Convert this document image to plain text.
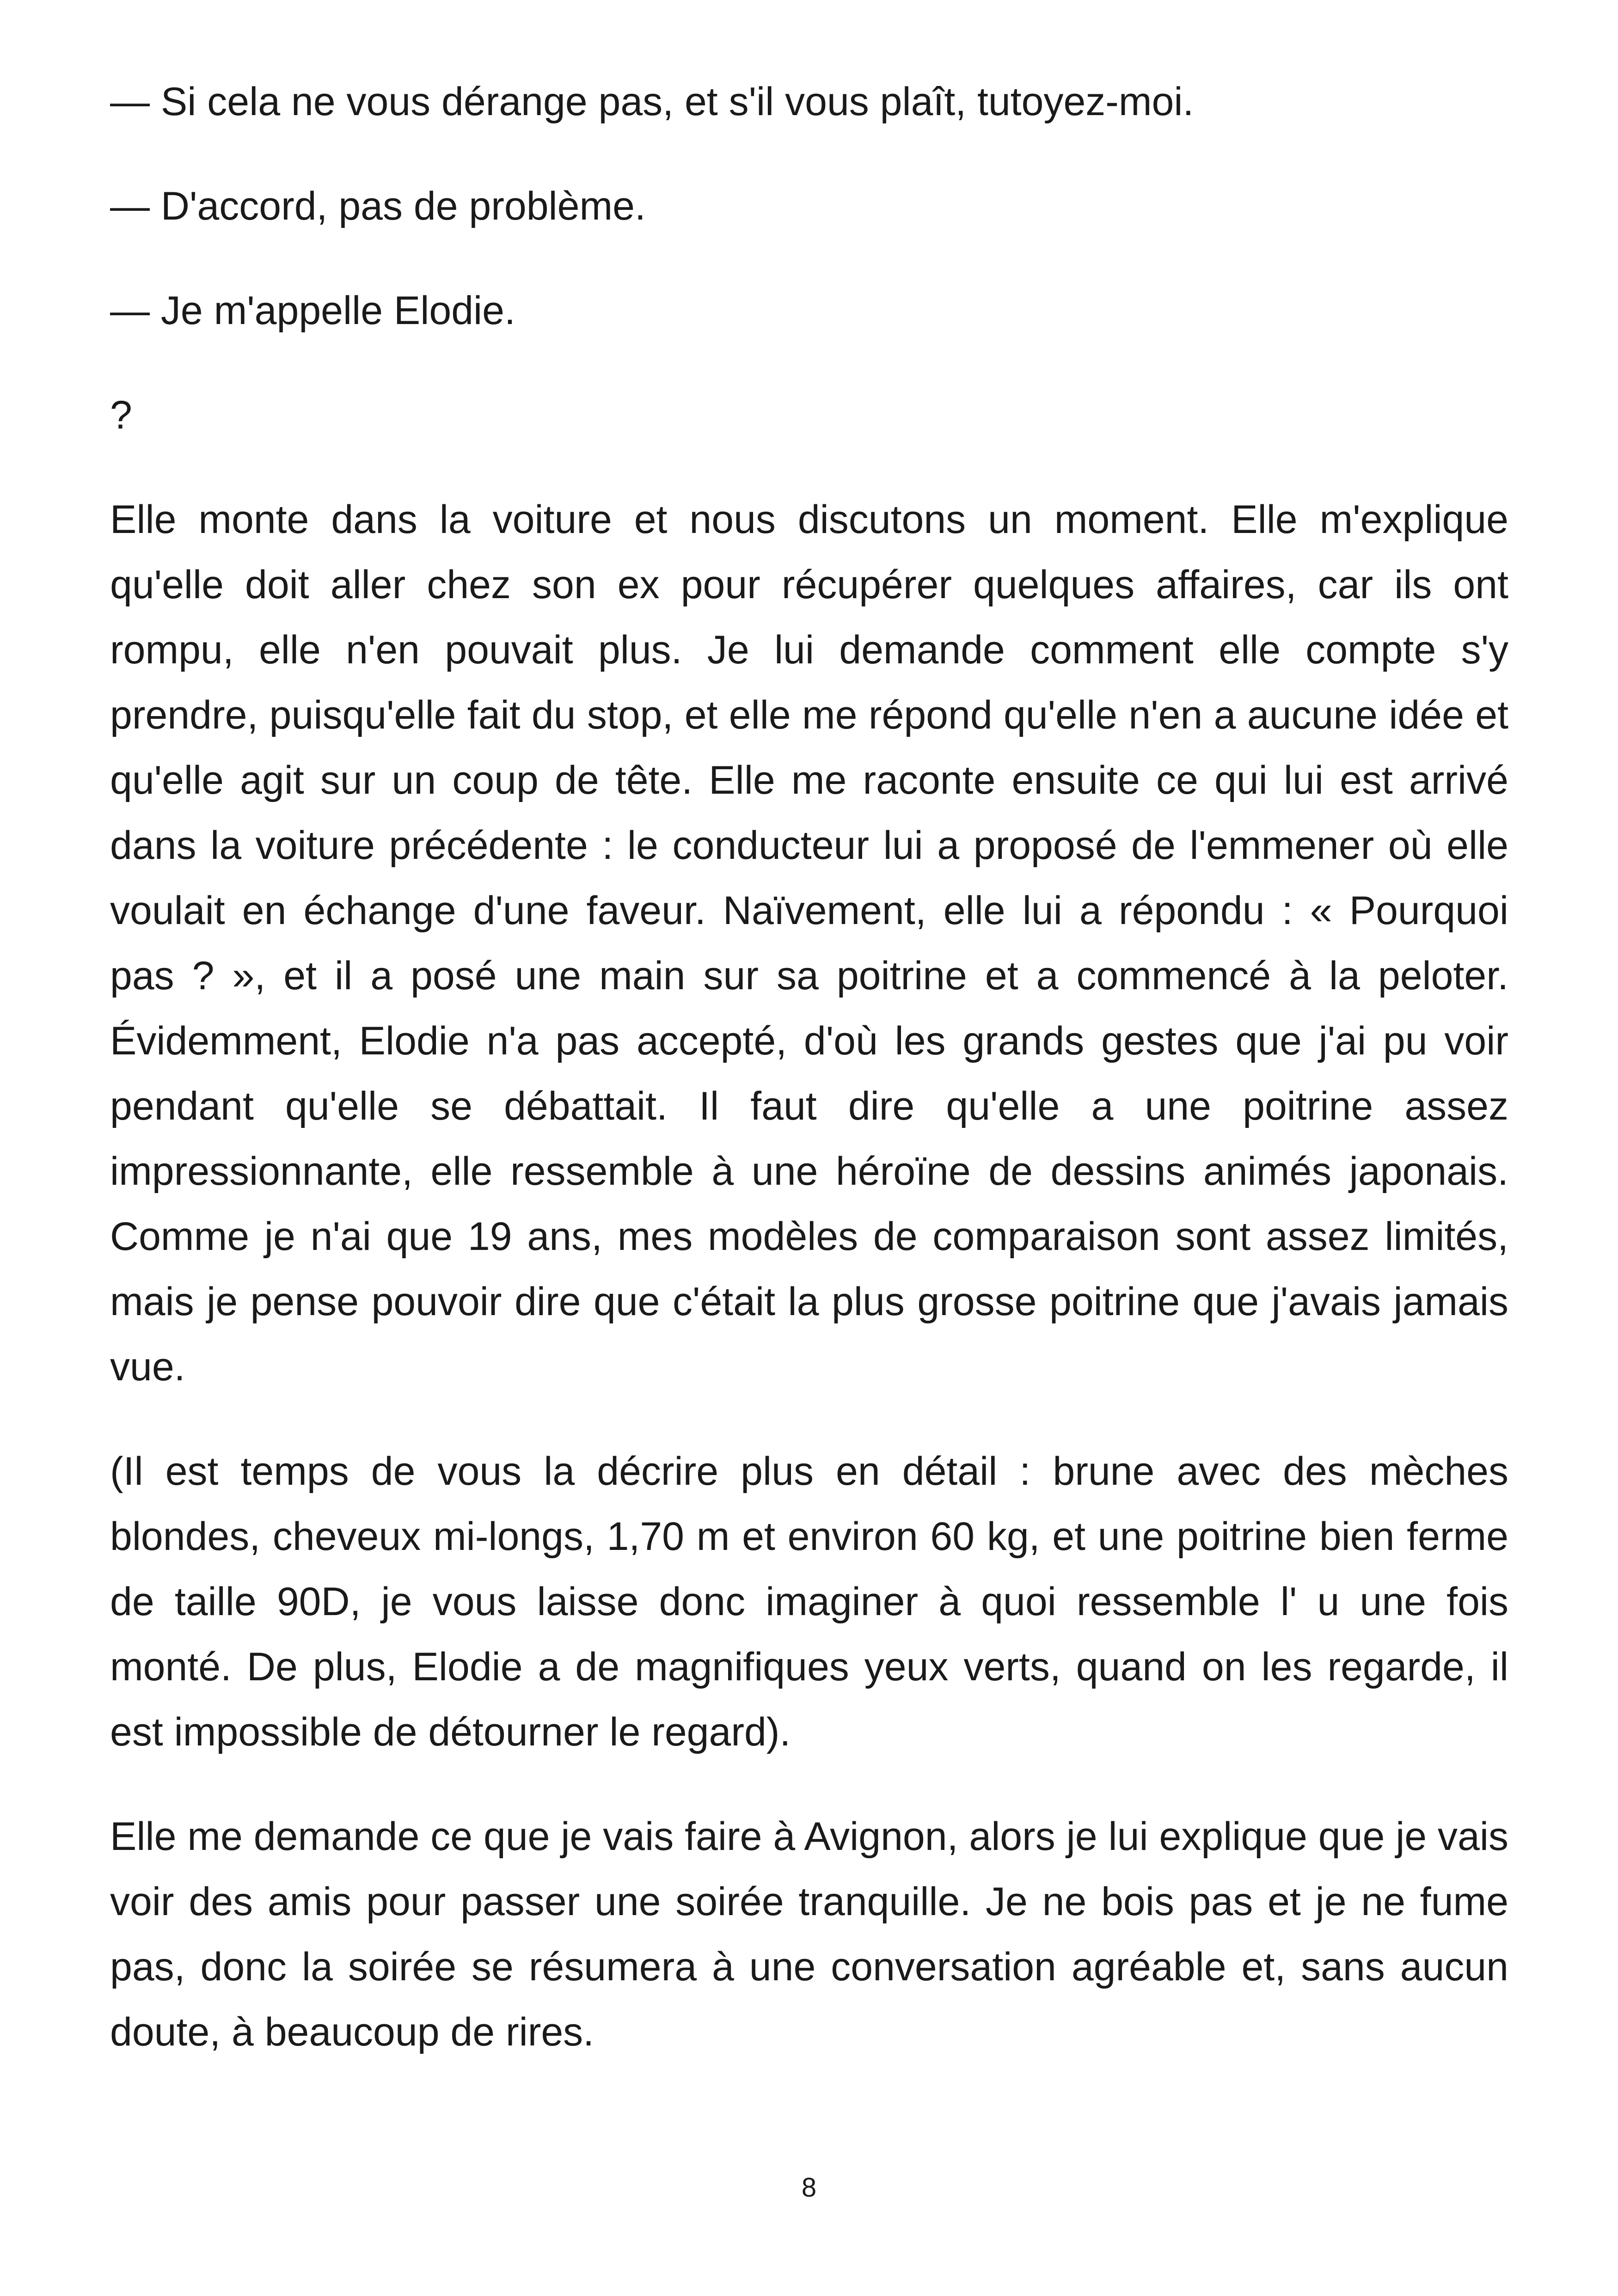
— Si cela ne vous dérange pas, et s'il vous plaît, tutoyez-moi.

— D'accord, pas de problème.

— Je m'appelle Elodie.

?

Elle monte dans la voiture et nous discutons un moment. Elle m'explique qu'elle doit aller chez son ex pour récupérer quelques affaires, car ils ont rompu, elle n'en pouvait plus. Je lui demande comment elle compte s'y prendre, puisqu'elle fait du stop, et elle me répond qu'elle n'en a aucune idée et qu'elle agit sur un coup de tête. Elle me raconte ensuite ce qui lui est arrivé dans la voiture précédente : le conducteur lui a proposé de l'emmener où elle voulait en échange d'une faveur. Naïvement, elle lui a répondu : « Pourquoi pas ? », et il a posé une main sur sa poitrine et a commencé à la peloter. Évidemment, Elodie n'a pas accepté, d'où les grands gestes que j'ai pu voir pendant qu'elle se débattait. Il faut dire qu'elle a une poitrine assez impressionnante, elle ressemble à une héroïne de dessins animés japonais. Comme je n'ai que 19 ans, mes modèles de comparaison sont assez limités, mais je pense pouvoir dire que c'était la plus grosse poitrine que j'avais jamais vue.

(Il est temps de vous la décrire plus en détail : brune avec des mèches blondes, cheveux mi-longs, 1,70 m et environ 60 kg, et une poitrine bien ferme de taille 90D, je vous laisse donc imaginer à quoi ressemble l' u une fois monté. De plus, Elodie a de magnifiques yeux verts, quand on les regarde, il est impossible de détourner le regard).

Elle me demande ce que je vais faire à Avignon, alors je lui explique que je vais voir des amis pour passer une soirée tranquille. Je ne bois pas et je ne fume pas, donc la soirée se résumera à une conversation agréable et, sans aucun doute, à beaucoup de rires.

8
